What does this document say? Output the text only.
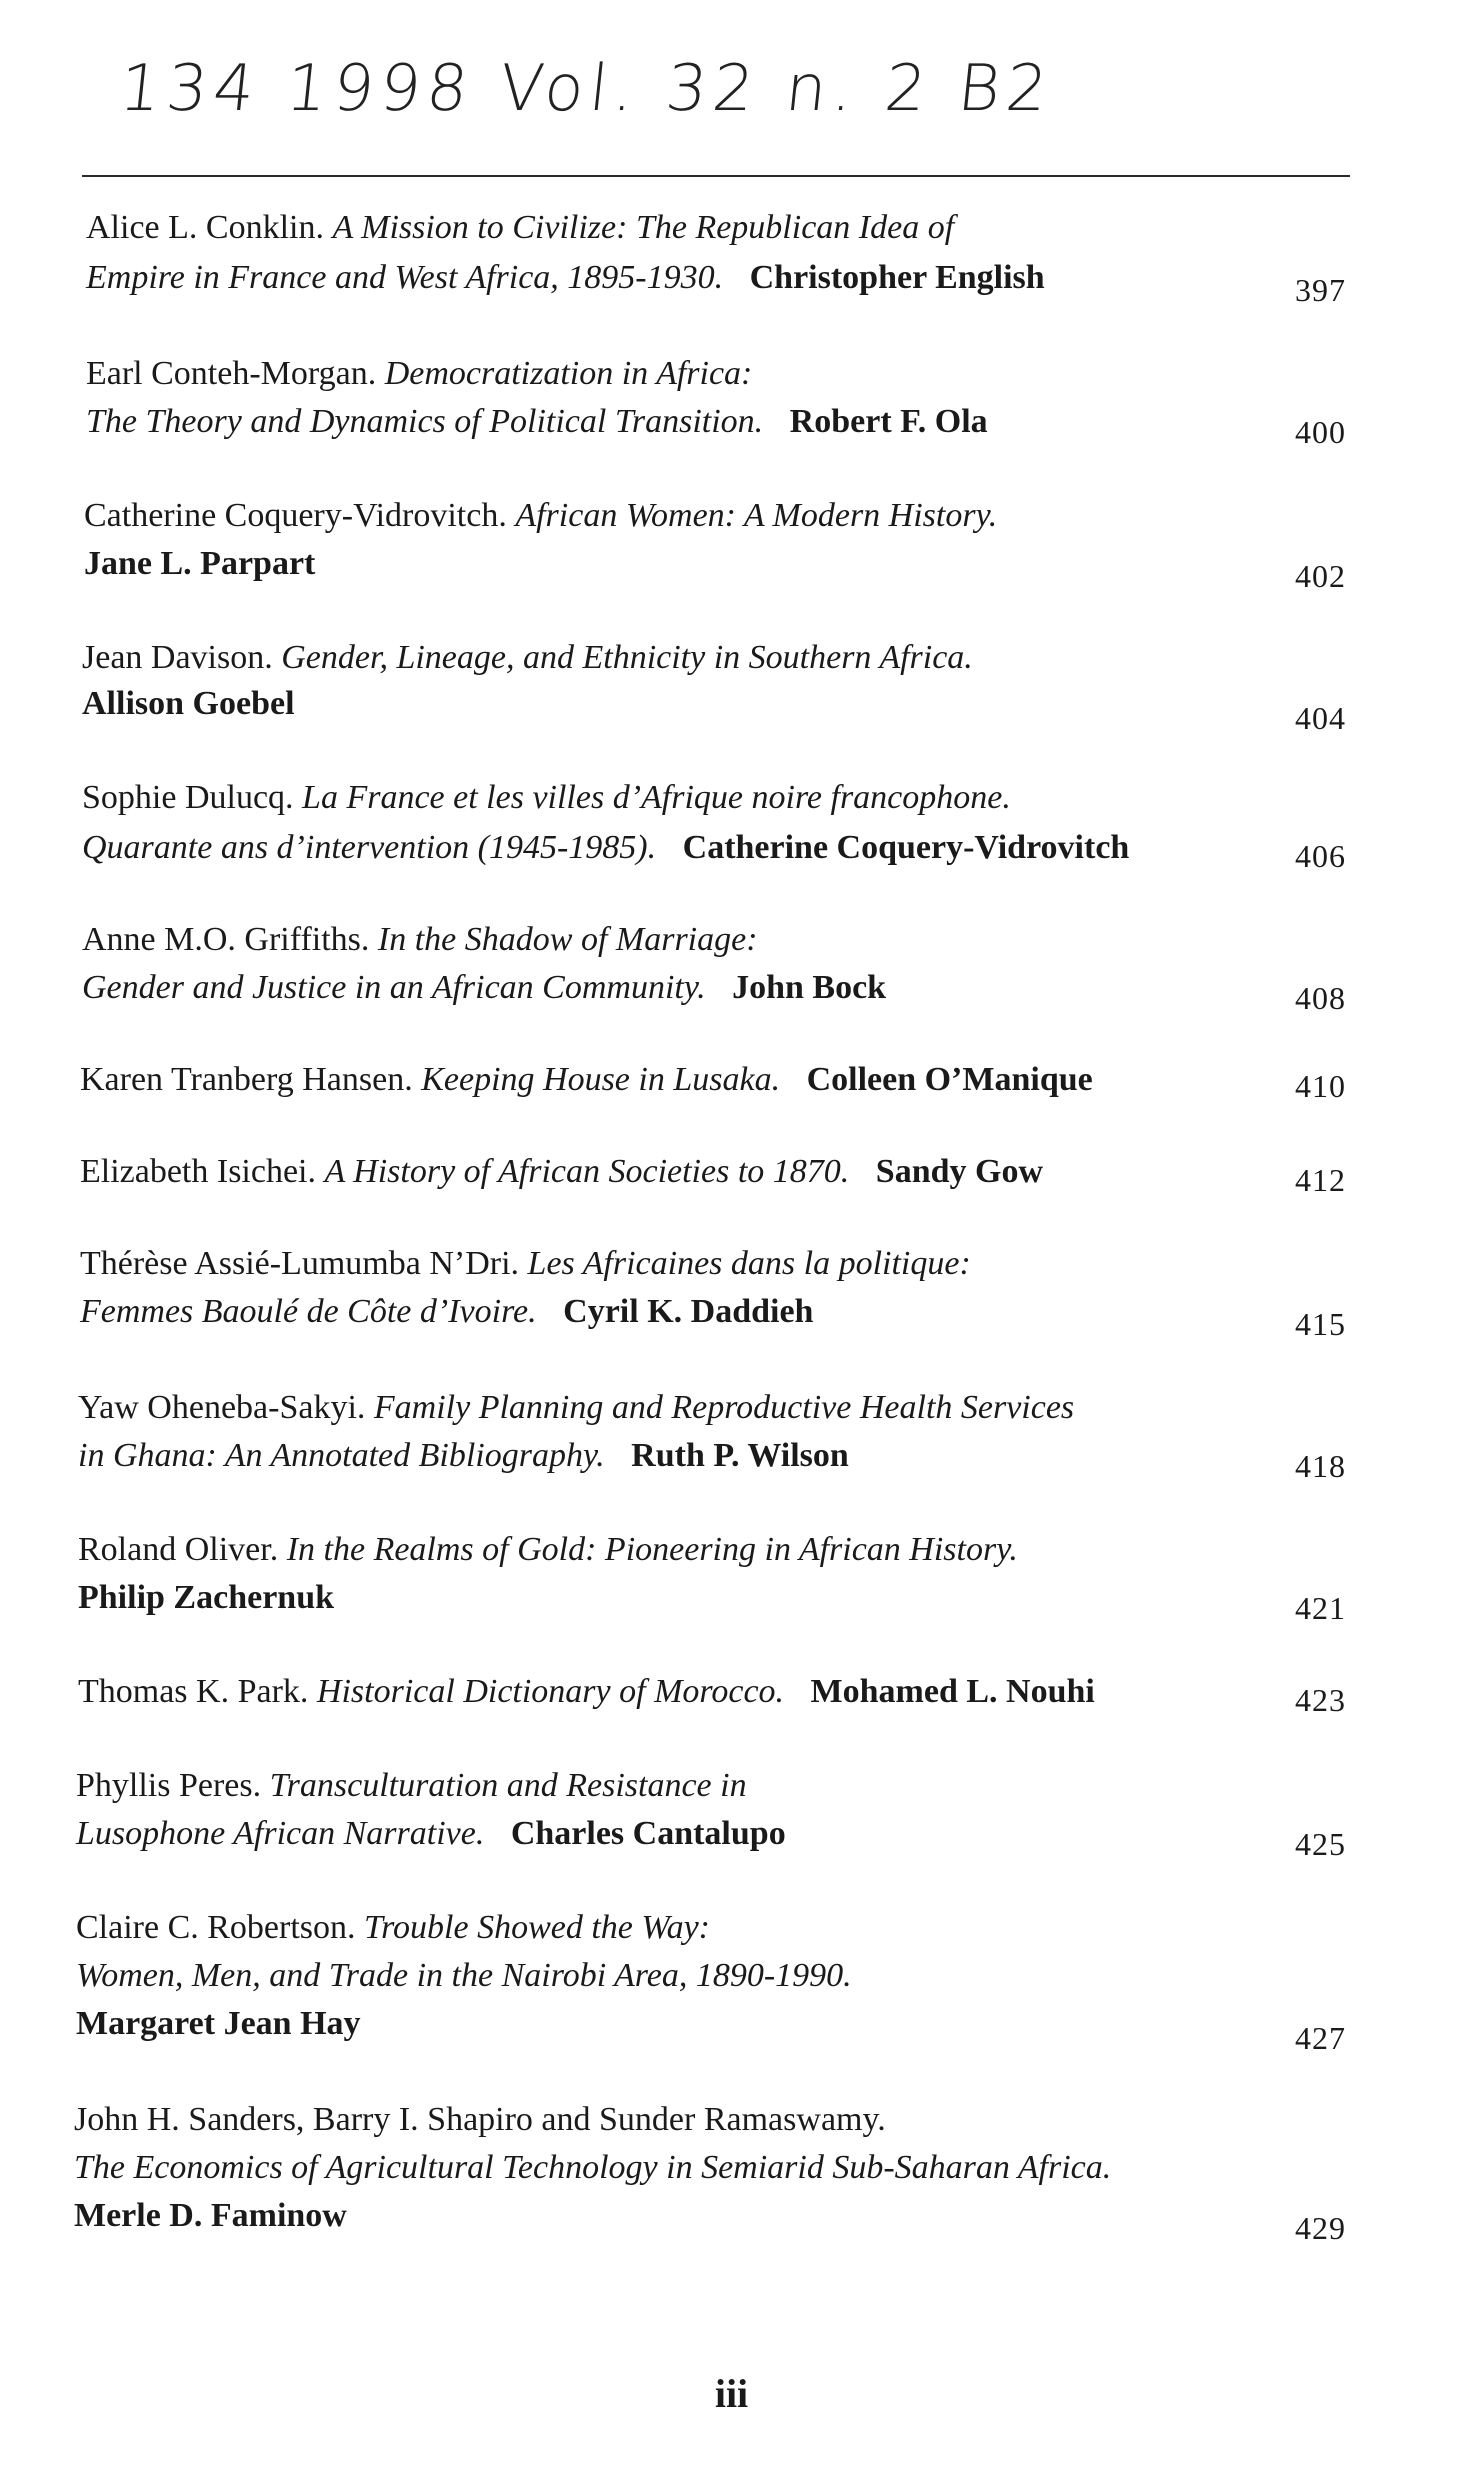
134 1998 Vol. 32 n. 2 B2
Alice L. Conklin. A Mission to Civilize: The Republican Idea of
Empire in France and West Africa, 1895-1930. Christopher English	397
Earl Conteh-Morgan. Democratization in Africa:
The Theory and Dynamics of Political Transition. Robert F. Ola	400
Catherine Coquery-Vidrovitch. African Women: A Modern History.
Jane L. Parpart	402
Jean Davison. Gender, Lineage, and Ethnicity in Southern Africa.
Allison Goebel	404
Sophie Dulucq. La France et les villes d’Afrique noire francophone.
Quarante ans d’intervention (1945-1985). Catherine Coquery-Vidrovitch	406
Anne M.O. Griffiths. In the Shadow of Marriage:
Gender and Justice in an African Community. John Bock	408
Karen Tranberg Hansen. Keeping House in Lusaka. Colleen O’Manique	410
Elizabeth Isichei. A History of African Societies to 1870. Sandy Gow	412
Thérèse Assié-Lumumba N’Dri. Les Africaines dans la politique:
Femmes Baoulé de Côte d’Ivoire. Cyril K. Daddieh	415
Yaw Oheneba-Sakyi. Family Planning and Reproductive Health Services
in Ghana: An Annotated Bibliography. Ruth P. Wilson	418
Roland Oliver. In the Realms of Gold: Pioneering in African History.
Philip Zachernuk	421
Thomas K. Park. Historical Dictionary of Morocco. Mohamed L. Nouhi	423
Phyllis Peres. Transculturation and Resistance in
Lusophone African Narrative. Charles Cantalupo	425
Claire C. Robertson. Trouble Showed the Way:
Women, Men, and Trade in the Nairobi Area, 1890-1990.
Margaret Jean Hay	427
John H. Sanders, Barry I. Shapiro and Sunder Ramaswamy.
The Economics of Agricultural Technology in Semiarid Sub-Saharan Africa.
Merle D. Faminow	429
iii
